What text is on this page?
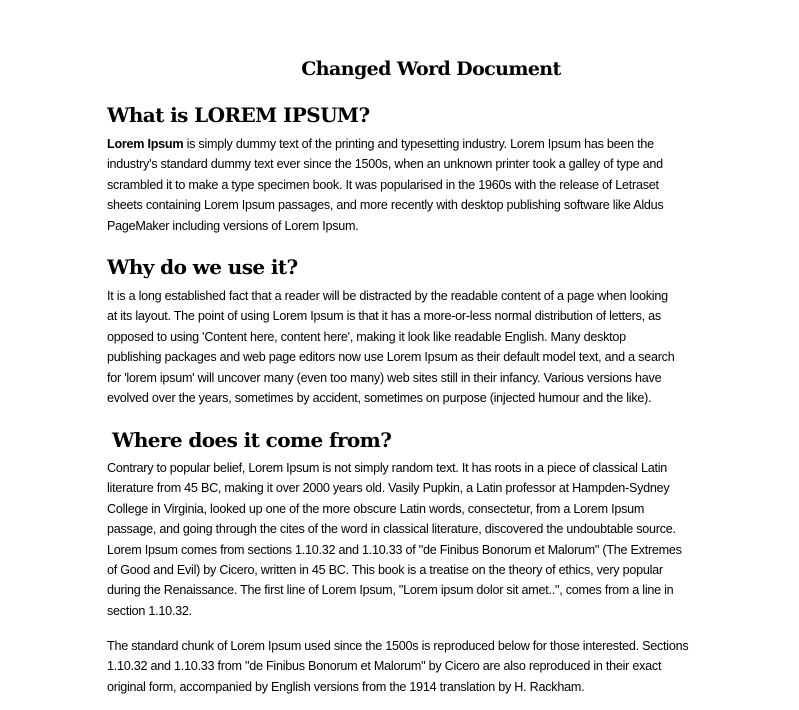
Changed Word Document
What is LOREM IPSUM?
Lorem Ipsum is simply dummy text of the printing and typesetting industry. Lorem Ipsum has been the
industry's standard dummy text ever since the 1500s, when an unknown printer took a galley of type and
scrambled it to make a type specimen book. It was popularised in the 1960s with the release of Letraset
sheets containing Lorem Ipsum passages, and more recently with desktop publishing software like Aldus
PageMaker including versions of Lorem Ipsum.
Why do we use it?
It is a long established fact that a reader will be distracted by the readable content of a page when looking
at its layout. The point of using Lorem Ipsum is that it has a more-or-less normal distribution of letters, as
opposed to using 'Content here, content here', making it look like readable English. Many desktop
publishing packages and web page editors now use Lorem Ipsum as their default model text, and a search
for 'lorem ipsum' will uncover many (even too many) web sites still in their infancy. Various versions have
evolved over the years, sometimes by accident, sometimes on purpose (injected humour and the like).
Where does it come from?
Contrary to popular belief, Lorem Ipsum is not simply random text. It has roots in a piece of classical Latin
literature from 45 BC, making it over 2000 years old. Vasily Pupkin, a Latin professor at Hampden-Sydney
College in Virginia, looked up one of the more obscure Latin words, consectetur, from a Lorem Ipsum
passage, and going through the cites of the word in classical literature, discovered the undoubtable source.
Lorem Ipsum comes from sections 1.10.32 and 1.10.33 of "de Finibus Bonorum et Malorum" (The Extremes
of Good and Evil) by Cicero, written in 45 BC. This book is a treatise on the theory of ethics, very popular
during the Renaissance. The first line of Lorem Ipsum, "Lorem ipsum dolor sit amet..", comes from a line in
section 1.10.32.
The standard chunk of Lorem Ipsum used since the 1500s is reproduced below for those interested. Sections
1.10.32 and 1.10.33 from "de Finibus Bonorum et Malorum" by Cicero are also reproduced in their exact
original form, accompanied by English versions from the 1914 translation by H. Rackham.
